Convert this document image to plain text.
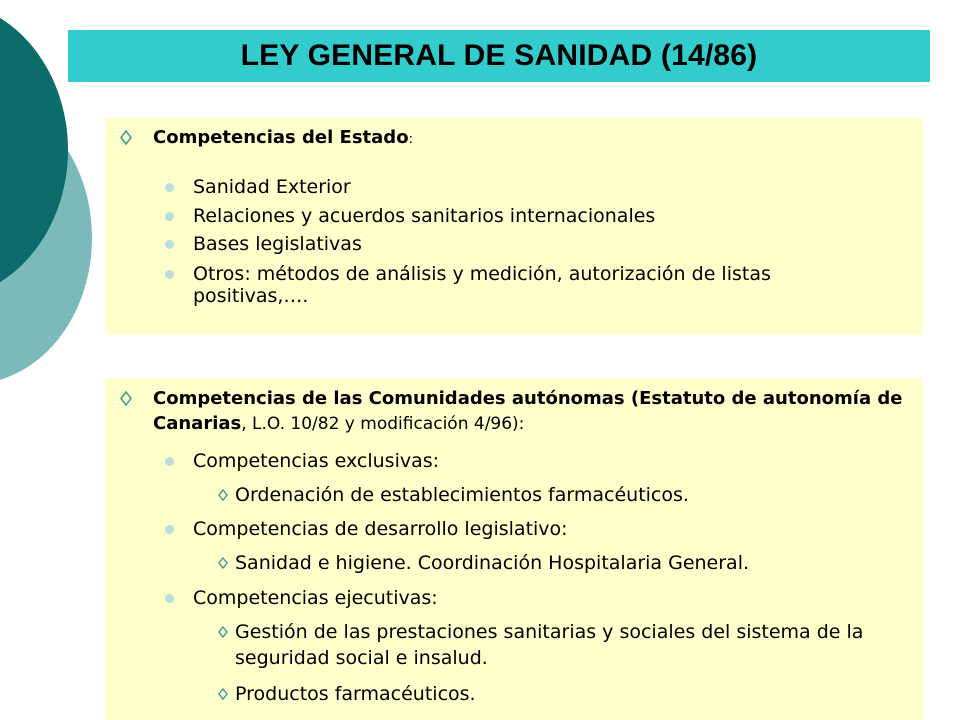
LEY GENERAL DE SANIDAD (14/86)
Competencias del Estado:
Sanidad Exterior
Relaciones y acuerdos sanitarios internacionales
Bases legislativas
Otros: métodos de análisis y medición, autorización de listas positivas,….
Competencias de las Comunidades autónomas (Estatuto de autonomía de Canarias, L.O. 10/82 y modificación 4/96):
Competencias exclusivas:
Ordenación de establecimientos farmacéuticos.
Competencias de desarrollo legislativo:
Sanidad e higiene. Coordinación Hospitalaria General.
Competencias ejecutivas:
Gestión de las prestaciones sanitarias y sociales del sistema de la seguridad social e insalud.
Productos farmacéuticos.
